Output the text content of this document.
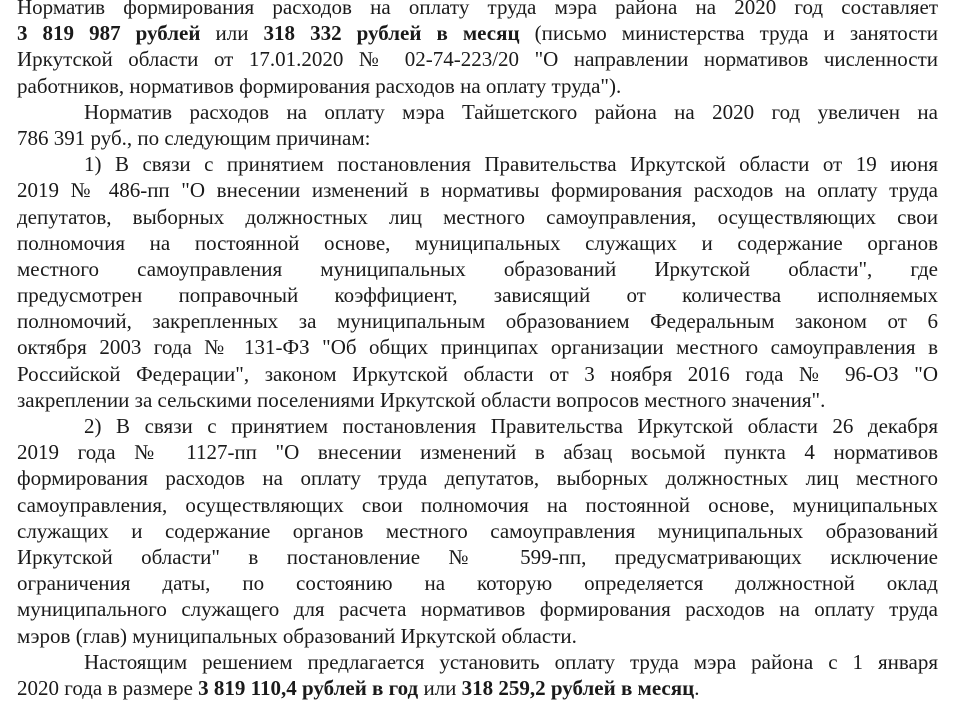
Норматив формирования расходов на оплату труда мэра района на 2020 год составляет
3 819 987 рублей или 318 332 рублей в месяц (письмо министерства труда и занятости
Иркутской области от 17.01.2020 № 02-74-223/20 "О направлении нормативов численности
работников, нормативов формирования расходов на оплату труда").
Норматив расходов на оплату мэра Тайшетского района на 2020 год увеличен на
786 391 руб., по следующим причинам:
1) В связи с принятием постановления Правительства Иркутской области от 19 июня
2019 № 486-пп "О внесении изменений в нормативы формирования расходов на оплату труда
депутатов, выборных должностных лиц местного самоуправления, осуществляющих свои
полномочия на постоянной основе, муниципальных служащих и содержание органов
местного самоуправления муниципальных образований Иркутской области", где
предусмотрен поправочный коэффициент, зависящий от количества исполняемых
полномочий, закрепленных за муниципальным образованием Федеральным законом от 6
октября 2003 года № 131-ФЗ "Об общих принципах организации местного самоуправления в
Российской Федерации", законом Иркутской области от 3 ноября 2016 года № 96-ОЗ "О
закреплении за сельскими поселениями Иркутской области вопросов местного значения".
2) В связи с принятием постановления Правительства Иркутской области 26 декабря
2019 года № 1127-пп "О внесении изменений в абзац восьмой пункта 4 нормативов
формирования расходов на оплату труда депутатов, выборных должностных лиц местного
самоуправления, осуществляющих свои полномочия на постоянной основе, муниципальных
служащих и содержание органов местного самоуправления муниципальных образований
Иркутской области" в постановление № 599-пп, предусматривающих исключение
ограничения даты, по состоянию на которую определяется должностной оклад
муниципального служащего для расчета нормативов формирования расходов на оплату труда
мэров (глав) муниципальных образований Иркутской области.
Настоящим решением предлагается установить оплату труда мэра района с 1 января
2020 года в размере 3 819 110,4 рублей в год или 318 259,2 рублей в месяц.
